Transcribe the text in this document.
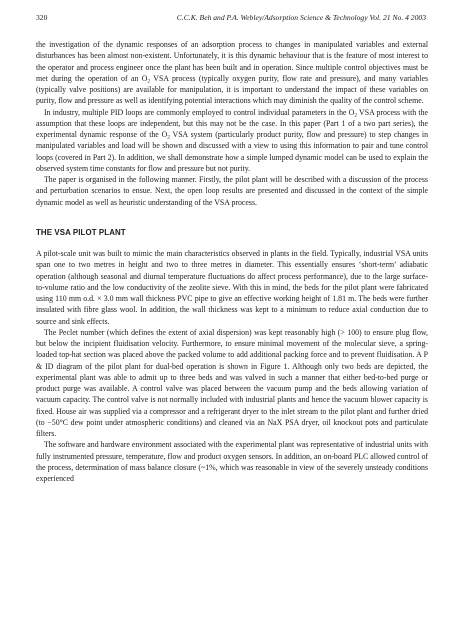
320	C.C.K. Beh and P.A. Webley/Adsorption Science & Technology Vol. 21 No. 4 2003

the investigation of the dynamic responses of an adsorption process to changes in manipulated variables and external disturbances has been almost non-existent. Unfortunately, it is this dynamic behaviour that is the feature of most interest to the operator and process engineer once the plant has been built and in operation. Since multiple control objectives must be met during the operation of an $O_2$ VSA process (typically oxygen purity, flow rate and pressure), and many variables (typically valve positions) are available for manipulation, it is important to understand the impact of these variables on purity, flow and pressure as well as identifying potential interactions which may diminish the quality of the control scheme.

In industry, multiple PID loops are commonly employed to control individual parameters in the $O_2$ VSA process with the assumption that these loops are independent, but this may not be the case. In this paper (Part 1 of a two part series), the experimental dynamic response of the $O_2$ VSA system (particularly product purity, flow and pressure) to step changes in manipulated variables and load will be shown and discussed with a view to using this information to pair and tune control loops (covered in Part 2). In addition, we shall demonstrate how a simple lumped dynamic model can be used to explain the observed system time constants for flow and pressure but not purity.

The paper is organised in the following manner. Firstly, the pilot plant will be described with a discussion of the process and perturbation scenarios to ensue. Next, the open loop results are presented and discussed in the context of the simple dynamic model as well as heuristic understanding of the VSA process.

THE VSA PILOT PLANT

A pilot-scale unit was built to mimic the main characteristics observed in plants in the field. Typically, industrial VSA units span one to two metres in height and two to three metres in diameter. This essentially ensures ‘short-term’ adiabatic operation (although seasonal and diurnal temperature fluctuations do affect process performance), due to the large surface-to-volume ratio and the low conductivity of the zeolite sieve. With this in mind, the beds for the pilot plant were fabricated using 110 mm o.d. × 3.0 mm wall thickness PVC pipe to give an effective working height of 1.81 m. The beds were further insulated with fibre glass wool. In addition, the wall thickness was kept to a minimum to reduce axial conduction due to source and sink effects.

The Peclet number (which defines the extent of axial dispersion) was kept reasonably high (> 100) to ensure plug flow, but below the incipient fluidisation velocity. Furthermore, to ensure minimal movement of the molecular sieve, a spring-loaded top-hat section was placed above the packed volume to add additional packing force and to prevent fluidisation. A P & ID diagram of the pilot plant for dual-bed operation is shown in Figure 1. Although only two beds are depicted, the experimental plant was able to admit up to three beds and was valved in such a manner that either bed-to-bed purge or product purge was available. A control valve was placed between the vacuum pump and the beds allowing variation of vacuum capacity. The control valve is not normally included with industrial plants and hence the vacuum blower capacity is fixed. House air was supplied via a compressor and a refrigerant dryer to the inlet stream to the pilot plant and further dried (to −50°C dew point under atmospheric conditions) and cleaned via an NaX PSA dryer, oil knockout pots and particulate filters.

The software and hardware environment associated with the experimental plant was representative of industrial units with fully instrumented pressure, temperature, flow and product oxygen sensors. In addition, an on-board PLC allowed control of the process, determination of mass balance closure (~1%, which was reasonable in view of the severely unsteady conditions experienced
